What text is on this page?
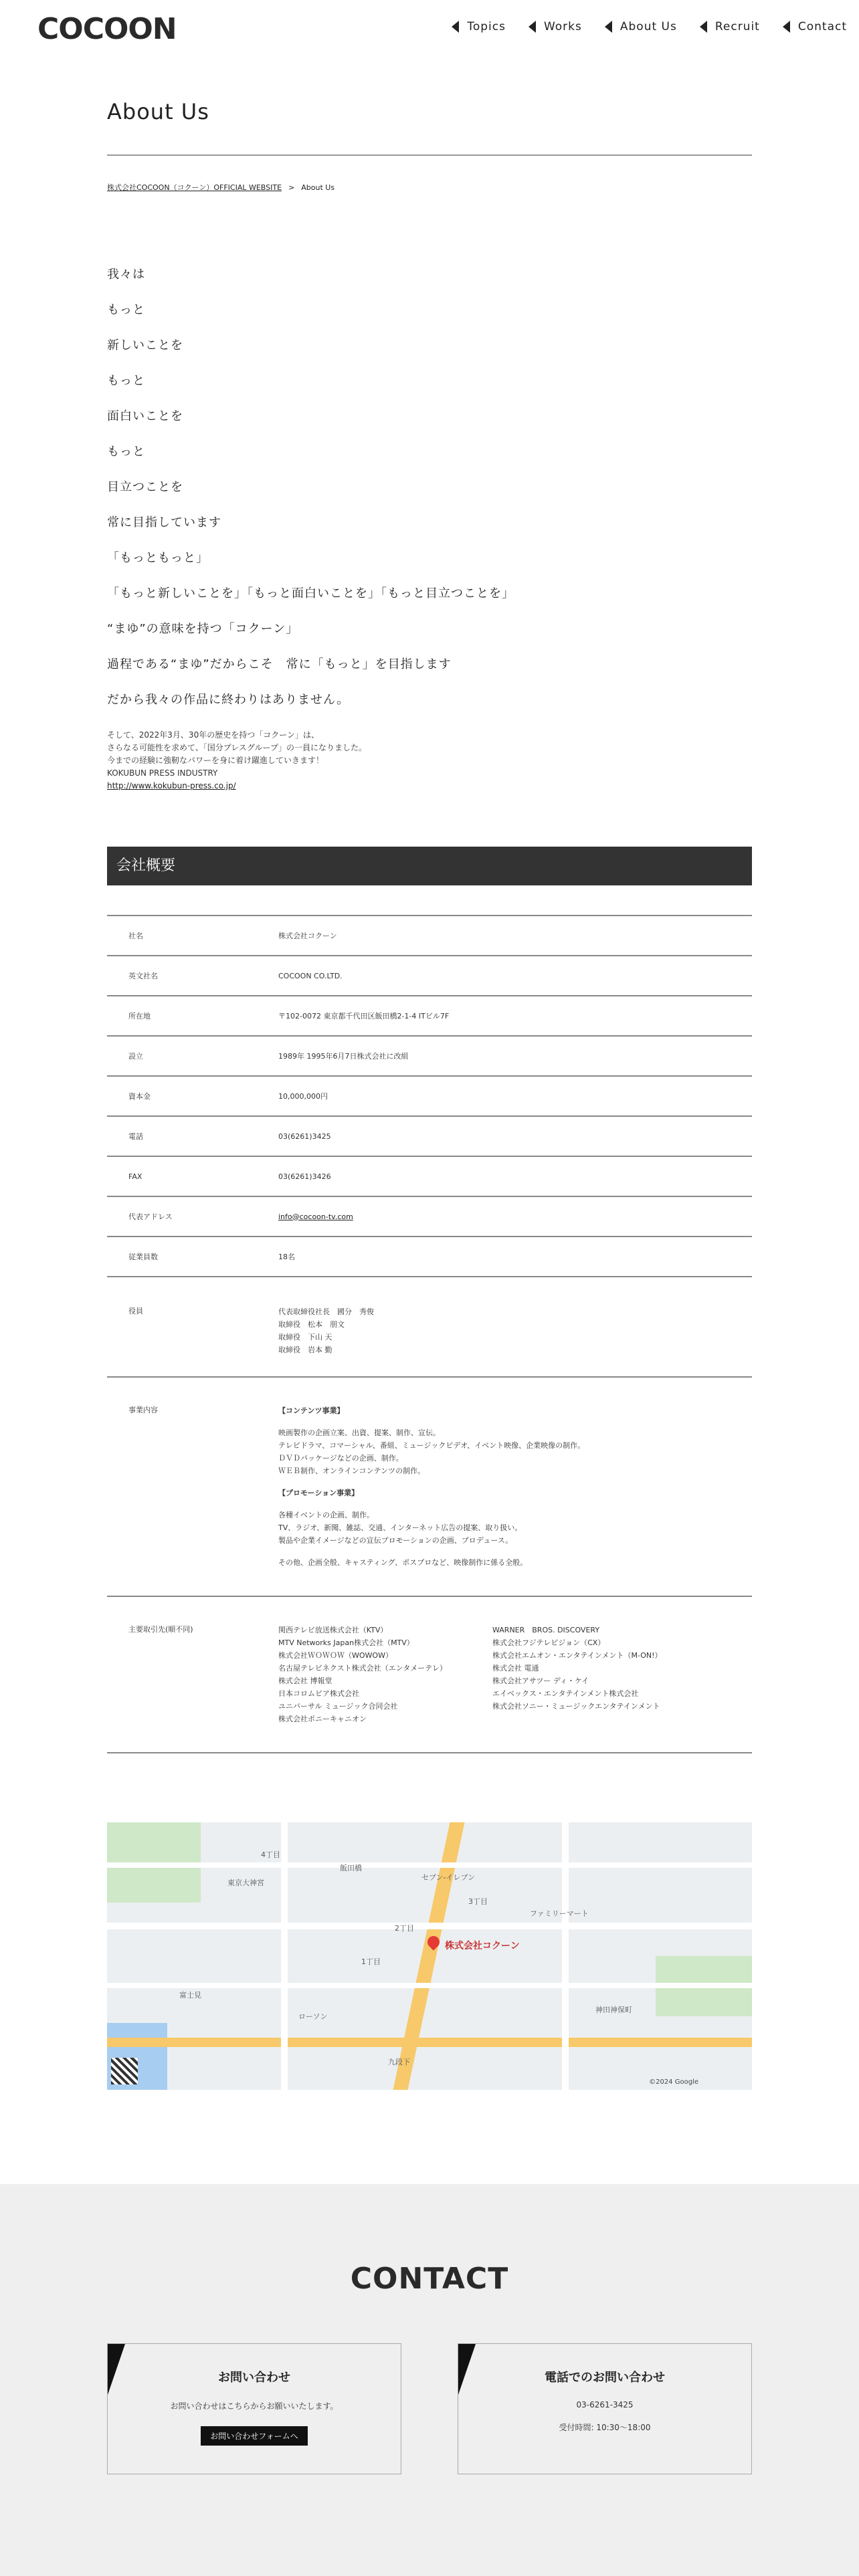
COCOON	Topics	Works	About Us	Recruit	Contact
About Us
株式会社COCOON（コクーン）OFFICIAL WEBSITE > About Us
我々は
もっと
新しいことを
もっと
面白いことを
もっと
目立つことを
常に目指しています
「もっともっと」
「もっと新しいことを」「もっと面白いことを」「もっと目立つことを」
“まゆ”の意味を持つ「コクーン」
過程である“まゆ”だからこそ　常に「もっと」を目指します
だから我々の作品に終わりはありません。

そして、2022年3月、30年の歴史を持つ「コクーン」は、

さらなる可能性を求めて、「国分プレスグループ」の一員になりました。

今までの経験に強靭なパワーを身に着け躍進していきます！

KOKUBUN PRESS INDUSTRY

http://www.kokubun-press.co.jp/

会社概要
社名	株式会社コクーン
英文社名	COCOON CO.LTD.
所在地	〒102-0072 東京都千代田区飯田橋2-1-4 ITビル7F
設立	1989年 1995年6月7日株式会社に改組
資本金	10,000,000円
電話	03(6261)3425
FAX	03(6261)3426
代表アドレス	info@cocoon-tv.com
従業員数	18名
役員	代表取締役社長　國分　秀俊

取締役　松本　朋文

取締役　下山 天

取締役　岩本 勤

事業内容	【コンテンツ事業】

映画製作の企画立案、出資、提案、制作、宣伝。

テレビドラマ、コマーシャル、番組、ミュージックビデオ、イベント映像、企業映像の制作。

ＤＶＤパッケージなどの企画、制作。

ＷＥＢ制作、オンラインコンテンツの制作。

【プロモーション事業】

各種イベントの企画、制作。

TV、ラジオ、新聞、雑誌、交通、インターネット広告の提案、取り扱い。

製品や企業イメージなどの宣伝プロモーションの企画、プロデュース。

その他、企画全般、キャスティング、ポスプロなど、映像制作に係る全般。

主要取引先(順不同)	関西テレビ放送株式会社（KTV）

MTV Networks Japan株式会社（MTV）

株式会社ＷＯＷＯＷ（WOWOW）

名古屋テレビネクスト株式会社（エンタメーテレ）

株式会社 博報堂

日本コロムビア株式会社

ユニバーサル ミュージック合同会社

株式会社ポニーキャニオン

WARNER　BROS. DISCOVERY

株式会社フジテレビジョン（CX）

株式会社エムオン・エンタテインメント（M-ON!）

株式会社 電通

株式会社アサツー ディ・ケイ

エイベックス・エンタテインメント株式会社

株式会社ソニー・ミュージックエンタテインメント

飯田橋
東京大神宮
富士見
神田神保町
九段下
セブン-イレブン
ファミリーマート
ローソン
4丁目
3丁目
2丁目
1丁目
株式会社コクーン
©2024 Google
CONTACT
お問い合わせ
お問い合わせはこちらからお願いいたします。
お問い合わせフォームへ
電話でのお問い合わせ
03-6261-3425
受付時間: 10:30〜18:00
